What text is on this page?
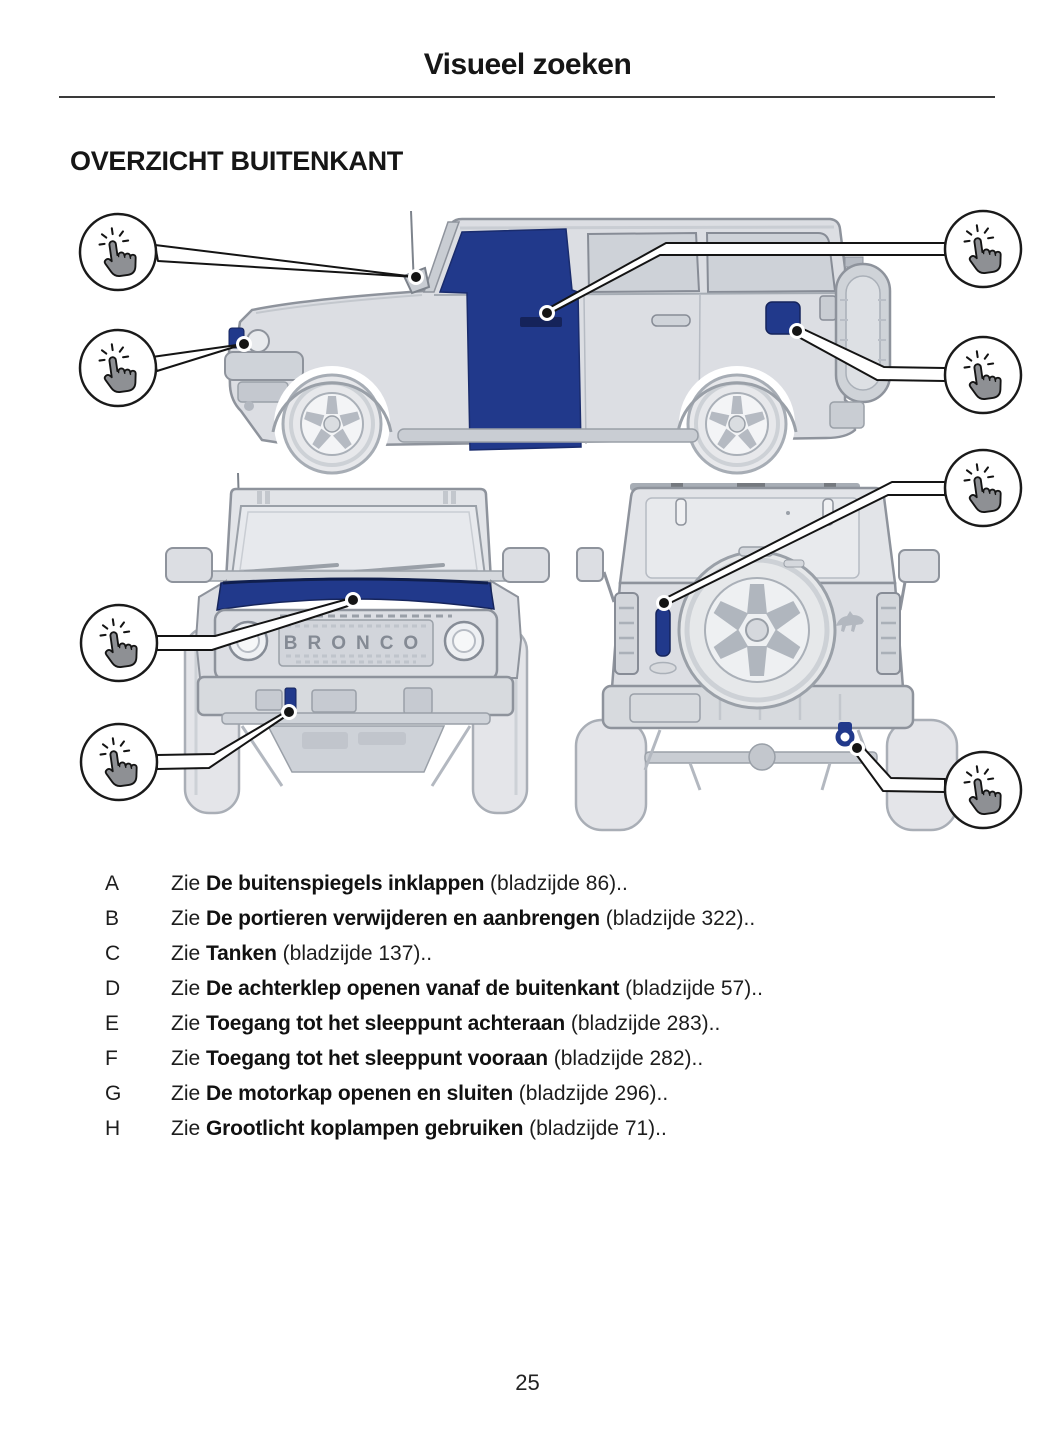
Visueel zoeken
OVERZICHT BUITENKANT
BRONCO
A Zie De buitenspiegels inklappen (bladzijde 86)..
B Zie De portieren verwijderen en aanbrengen (bladzijde 322)..
C Zie Tanken (bladzijde 137)..
D Zie De achterklep openen vanaf de buitenkant (bladzijde 57)..
E Zie Toegang tot het sleeppunt achteraan (bladzijde 283)..
F	Zie Toegang tot het sleeppunt vooraan (bladzijde 282)..
G Zie De motorkap openen en sluiten (bladzijde 296)..
H Zie Grootlicht koplampen gebruiken (bladzijde 71)..
25
